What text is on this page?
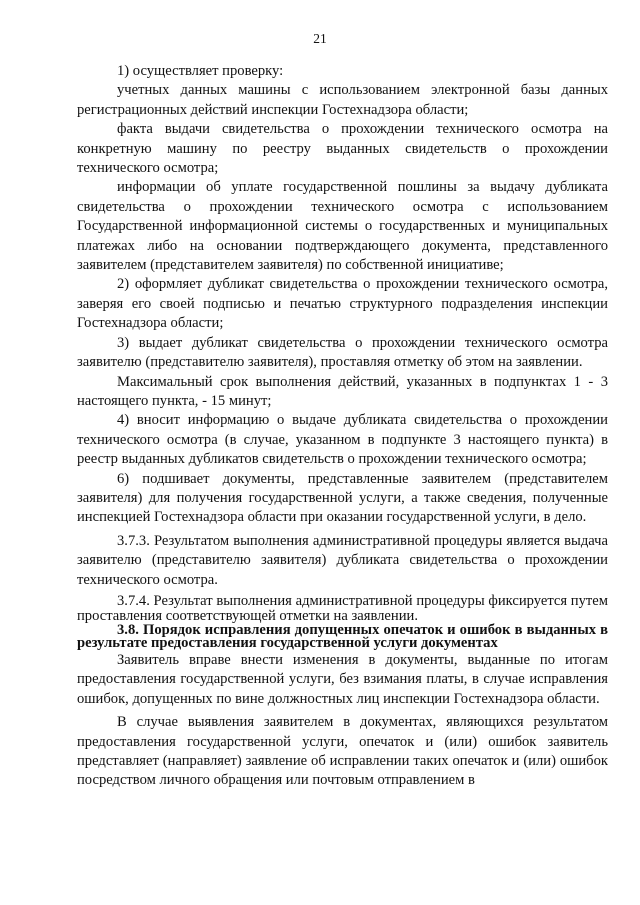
21

1) осуществляет проверку:

учетных данных машины с использованием электронной базы данных регистрационных действий инспекции Гостехнадзора области;

факта выдачи свидетельства о прохождении технического осмотра на конкретную машину по реестру выданных свидетельств о прохождении технического осмотра;

информации об уплате государственной пошлины за выдачу дубликата свидетельства о прохождении технического осмотра с использованием Государственной информационной системы о государственных и муниципальных платежах либо на основании подтверждающего документа, представленного заявителем (представителем заявителя) по собственной инициативе;

2) оформляет дубликат свидетельства о прохождении технического осмотра, заверяя его своей подписью и печатью структурного подразделения инспекции Гостехнадзора области;

3) выдает дубликат свидетельства о прохождении технического осмотра заявителю (представителю заявителя), проставляя отметку об этом на заявлении.

Максимальный срок выполнения действий, указанных в подпунктах 1 - 3 настоящего пункта, - 15 минут;

4) вносит информацию о выдаче дубликата свидетельства о прохождении технического осмотра (в случае, указанном в подпункте 3 настоящего пункта) в реестр выданных дубликатов свидетельств о прохождении технического осмотра;

6) подшивает документы, представленные заявителем (представителем заявителя) для получения государственной услуги, а также сведения, полученные инспекцией Гостехнадзора области при оказании государственной услуги, в дело.

3.7.3. Результатом выполнения административной процедуры является выдача заявителю (представителю заявителя) дубликата свидетельства о прохождении технического осмотра.

3.7.4. Результат выполнения административной процедуры фиксируется путем проставления соответствующей отметки на заявлении.

3.8. Порядок исправления допущенных опечаток и ошибок в выданных в результате предоставления государственной услуги документах

Заявитель вправе внести изменения в документы, выданные по итогам предоставления государственной услуги, без взимания платы, в случае исправления ошибок, допущенных по вине должностных лиц инспекции Гостехнадзора области.

В случае выявления заявителем в документах, являющихся результатом предоставления государственной услуги, опечаток и (или) ошибок заявитель представляет (направляет) заявление об исправлении таких опечаток и (или) ошибок посредством личного обращения или почтовым отправлением в
